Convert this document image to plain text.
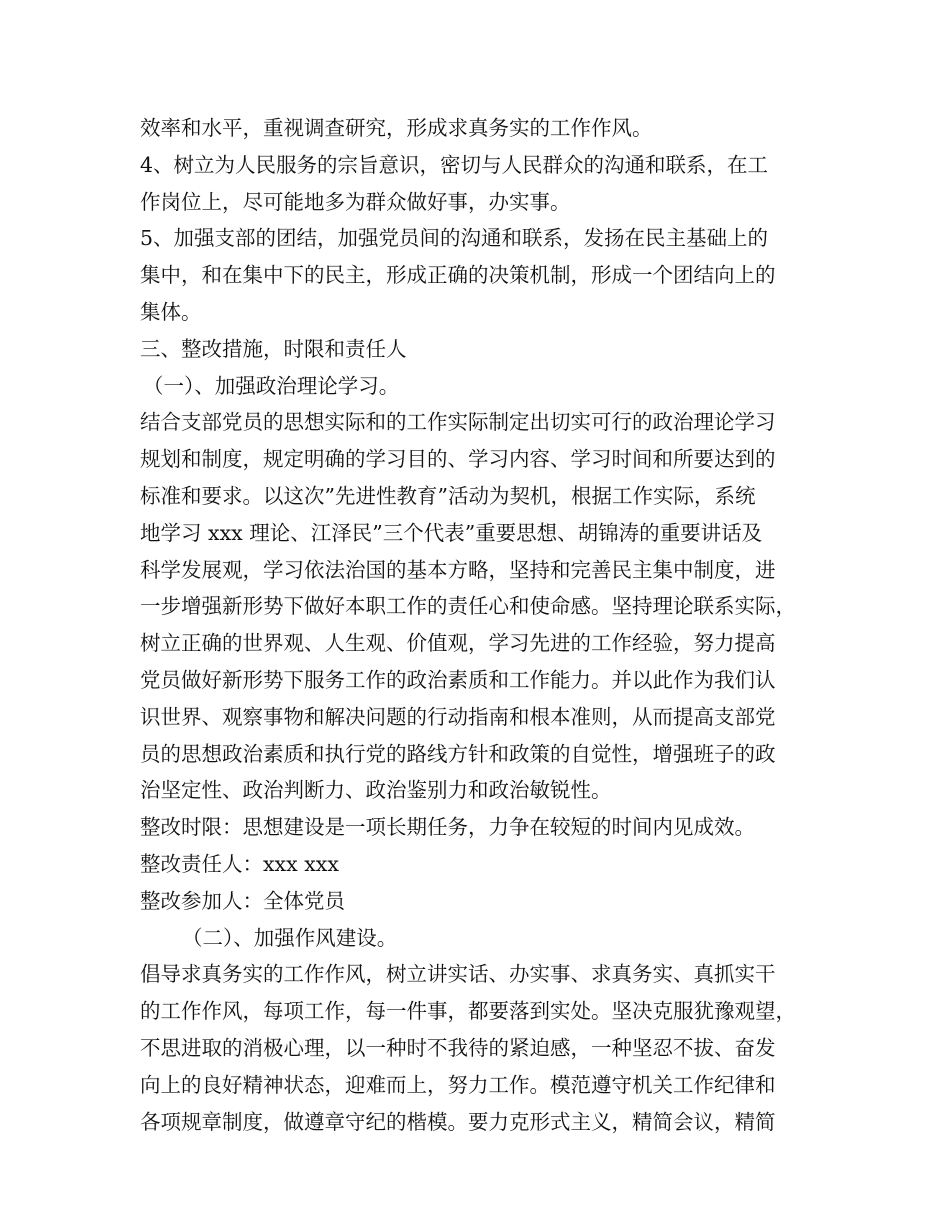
效率和水平，重视调查研究，形成求真务实的工作作风。
4、树立为人民服务的宗旨意识，密切与人民群众的沟通和联系，在工
作岗位上，尽可能地多为群众做好事，办实事。
5、加强支部的团结，加强党员间的沟通和联系，发扬在民主基础上的
集中，和在集中下的民主，形成正确的决策机制，形成一个团结向上的
集体。
三、整改措施，时限和责任人
（一）、加强政治理论学习。
结合支部党员的思想实际和的工作实际制定出切实可行的政治理论学习
规划和制度，规定明确的学习目的、学习内容、学习时间和所要达到的
标准和要求。以这次”先进性教育”活动为契机，根据工作实际，系统
地学习 xxx 理论、江泽民”三个代表”重要思想、胡锦涛的重要讲话及
科学发展观，学习依法治国的基本方略，坚持和完善民主集中制度，进
一步增强新形势下做好本职工作的责任心和使命感。坚持理论联系实际，
树立正确的世界观、人生观、价值观，学习先进的工作经验，努力提高
党员做好新形势下服务工作的政治素质和工作能力。并以此作为我们认
识世界、观察事物和解决问题的行动指南和根本准则，从而提高支部党
员的思想政治素质和执行党的路线方针和政策的自觉性，增强班子的政
治坚定性、政治判断力、政治鉴别力和政治敏锐性。
整改时限：思想建设是一项长期任务，力争在较短的时间内见成效。
整改责任人：xxx xxx
整改参加人：全体党员
（二）、加强作风建设。
倡导求真务实的工作作风，树立讲实话、办实事、求真务实、真抓实干
的工作作风，每项工作，每一件事，都要落到实处。坚决克服犹豫观望，
不思进取的消极心理，以一种时不我待的紧迫感，一种坚忍不拔、奋发
向上的良好精神状态，迎难而上，努力工作。模范遵守机关工作纪律和
各项规章制度，做遵章守纪的楷模。要力克形式主义，精简会议，精简
